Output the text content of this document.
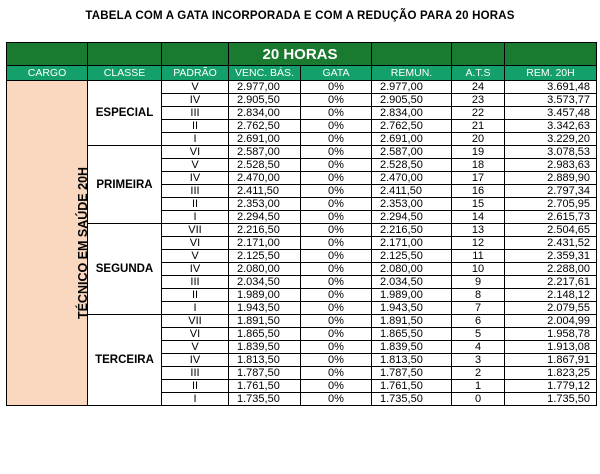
TABELA COM A GATA INCORPORADA E COM A REDUÇÃO PARA 20 HORAS
			20 HORAS				
CARGO	CLASSE	PADRÃO	VENC. BÁS.	GATA	REMUN.	A.T.S	REM. 20H
TÉCNICO EM SAÚDE 20H	ESPECIAL	V	2.977,00	0%	2.977,00	24	3.691,48
		IV	2.905,50	0%	2.905,50	23	3.573,77
		III	2.834,00	0%	2.834,00	22	3.457,48
		II	2.762,50	0%	2.762,50	21	3.342,63
		I	2.691,00	0%	2.691,00	20	3.229,20
	PRIMEIRA	VI	2.587,00	0%	2.587,00	19	3.078,53
		V	2.528,50	0%	2.528,50	18	2.983,63
		IV	2.470,00	0%	2.470,00	17	2.889,90
		III	2.411,50	0%	2.411,50	16	2.797,34
		II	2.353,00	0%	2.353,00	15	2.705,95
		I	2.294,50	0%	2.294,50	14	2.615,73
	SEGUNDA	VII	2.216,50	0%	2.216,50	13	2.504,65
		VI	2.171,00	0%	2.171,00	12	2.431,52
		V	2.125,50	0%	2.125,50	11	2.359,31
		IV	2.080,00	0%	2.080,00	10	2.288,00
		III	2.034,50	0%	2.034,50	9	2.217,61
		II	1.989,00	0%	1.989,00	8	2.148,12
		I	1.943,50	0%	1.943,50	7	2.079,55
	TERCEIRA	VII	1.891,50	0%	1.891,50	6	2.004,99
		VI	1.865,50	0%	1.865,50	5	1.958,78
		V	1.839,50	0%	1.839,50	4	1.913,08
		IV	1.813,50	0%	1.813,50	3	1.867,91
		III	1.787,50	0%	1.787,50	2	1.823,25
		II	1.761,50	0%	1.761,50	1	1.779,12
		I	1.735,50	0%	1.735,50	0	1.735,50
